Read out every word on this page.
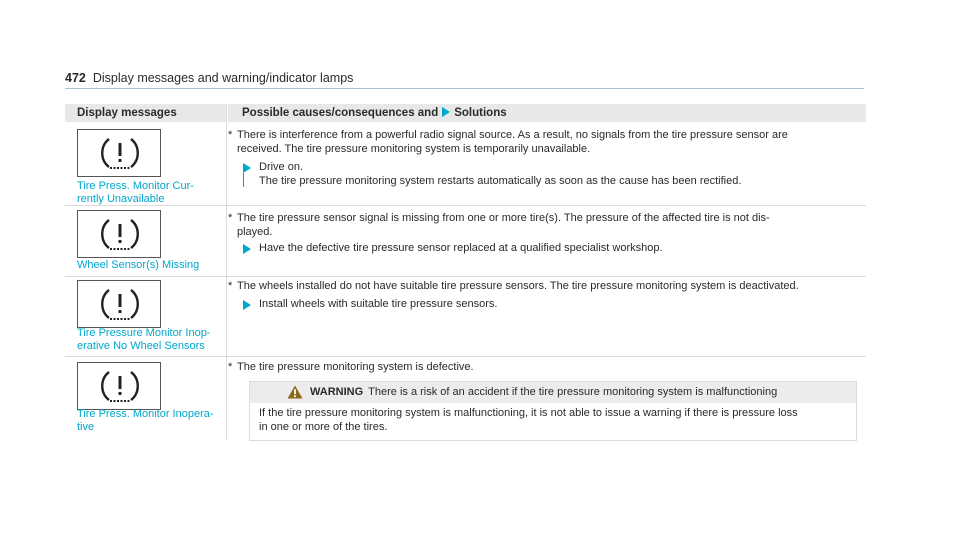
472 Display messages and warning/indicator lamps
Display messages	Possible causes/consequences and Solutions
Tire Press. Monitor Cur-
rently Unavailable
* There is interference from a powerful radio signal source. As a result, no signals from the tire pressure sensor are
received. The tire pressure monitoring system is temporarily unavailable.
Drive on.
The tire pressure monitoring system restarts automatically as soon as the cause has been rectified.
Wheel Sensor(s) Missing
* The tire pressure sensor signal is missing from one or more tire(s). The pressure of the affected tire is not dis-
played.
Have the defective tire pressure sensor replaced at a qualified specialist workshop.
Tire Pressure Monitor Inop-
erative No Wheel Sensors
* The wheels installed do not have suitable tire pressure sensors. The tire pressure monitoring system is deactivated.
Install wheels with suitable tire pressure sensors.
Tire Press. Monitor Inopera-
tive
* The tire pressure monitoring system is defective.
WARNING There is a risk of an accident if the tire pressure monitoring system is malfunctioning
If the tire pressure monitoring system is malfunctioning, it is not able to issue a warning if there is pressure loss
in one or more of the tires.
